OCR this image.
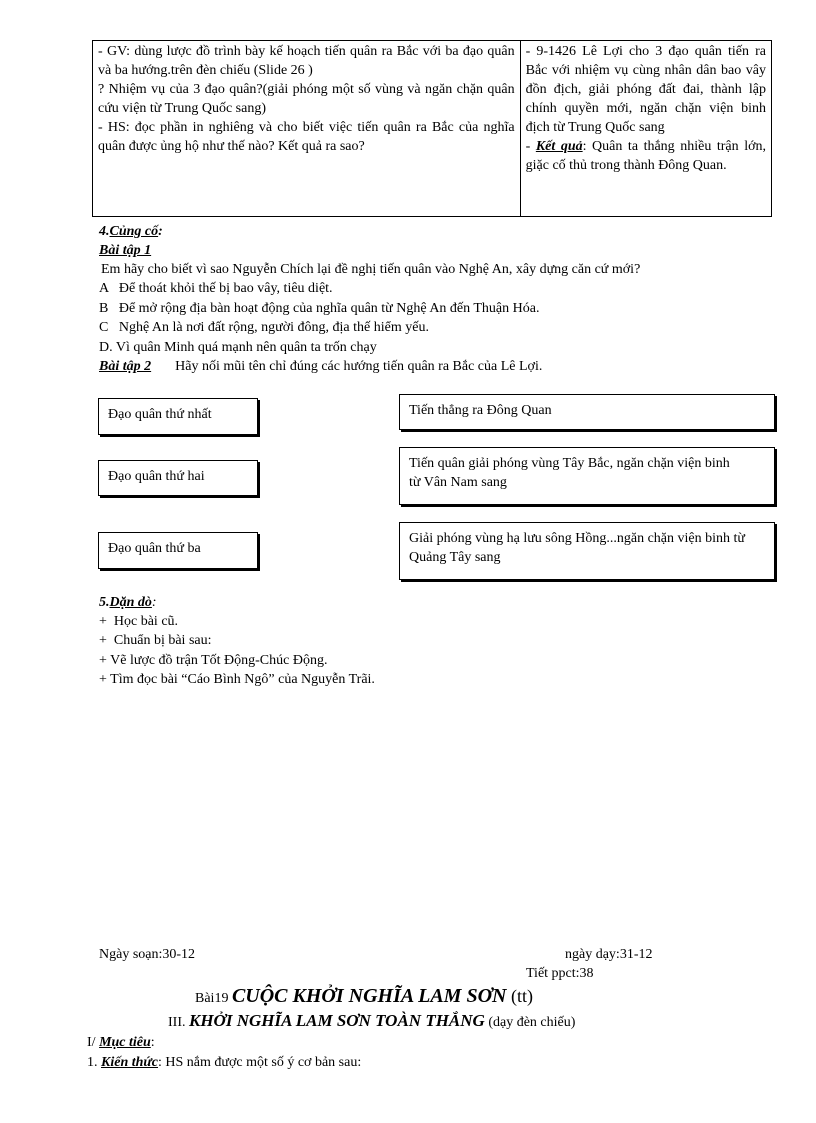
- GV: dùng lược đồ trình bày kế hoạch tiến quân ra Bắc với ba đạo quân và ba hướng.trên đèn chiếu (Slide 26 )
? Nhiệm vụ của 3 đạo quân?(giải phóng một số vùng và ngăn chặn quân cứu viện từ Trung Quốc sang)
- HS: đọc phần in nghiêng và cho biết việc tiến quân ra Bắc của nghĩa quân được ủng hộ như thế nào? Kết quả ra sao?

- 9-1426 Lê Lợi cho 3 đạo quân tiến ra Bắc với nhiệm vụ cùng nhân dân bao vây đồn địch, giải phóng đất đai, thành lập chính quyền mới, ngăn chặn viện binh địch từ Trung Quốc sang
- Kết quả: Quân ta thắng nhiều trận lớn, giặc cố thủ trong thành Đông Quan.
4.Củng cố:
Bài tập 1
Em hãy cho biết vì sao Nguyễn Chích lại đề nghị tiến quân vào Nghệ An, xây dựng căn cứ mới?
A   Để thoát khỏi thế bị bao vây, tiêu diệt.
B   Để mở rộng địa bàn hoạt động của nghĩa quân từ Nghệ An đến Thuận Hóa.
C   Nghệ An là nơi đất rộng, người đông, địa thế hiểm yếu.
D. Vì quân Minh quá mạnh nên quân ta trốn chạy
Bài tập 2 Hãy nối mũi tên chỉ đúng các hướng tiến quân ra Bắc của Lê Lợi.
Đạo quân thứ nhất
Đạo quân thứ hai
Đạo quân thứ ba
Tiến thẳng ra Đông Quan
Tiến quân giải phóng vùng Tây Bắc, ngăn chặn viện binh từ Vân Nam sang
Giải phóng vùng hạ lưu sông Hồng...ngăn chặn viện binh từ Quảng Tây sang
5.Dặn dò:
+  Học bài cũ.
+  Chuẩn bị bài sau:
+ Vẽ lược đồ trận Tốt Động-Chúc Động.
+ Tìm đọc bài “Cáo Bình Ngô” của Nguyễn Trãi.
Ngày soạn:30-12	ngày dạy:31-12
Tiết ppct:38
Bài19 CUỘC KHỞI NGHĨA LAM SƠN (tt)
III. KHỞI NGHĨA LAM SƠN TOÀN THẮNG (dạy đèn chiếu)
I/ Mục tiêu:
1. Kiến thức: HS nắm được một số ý cơ bản sau:
